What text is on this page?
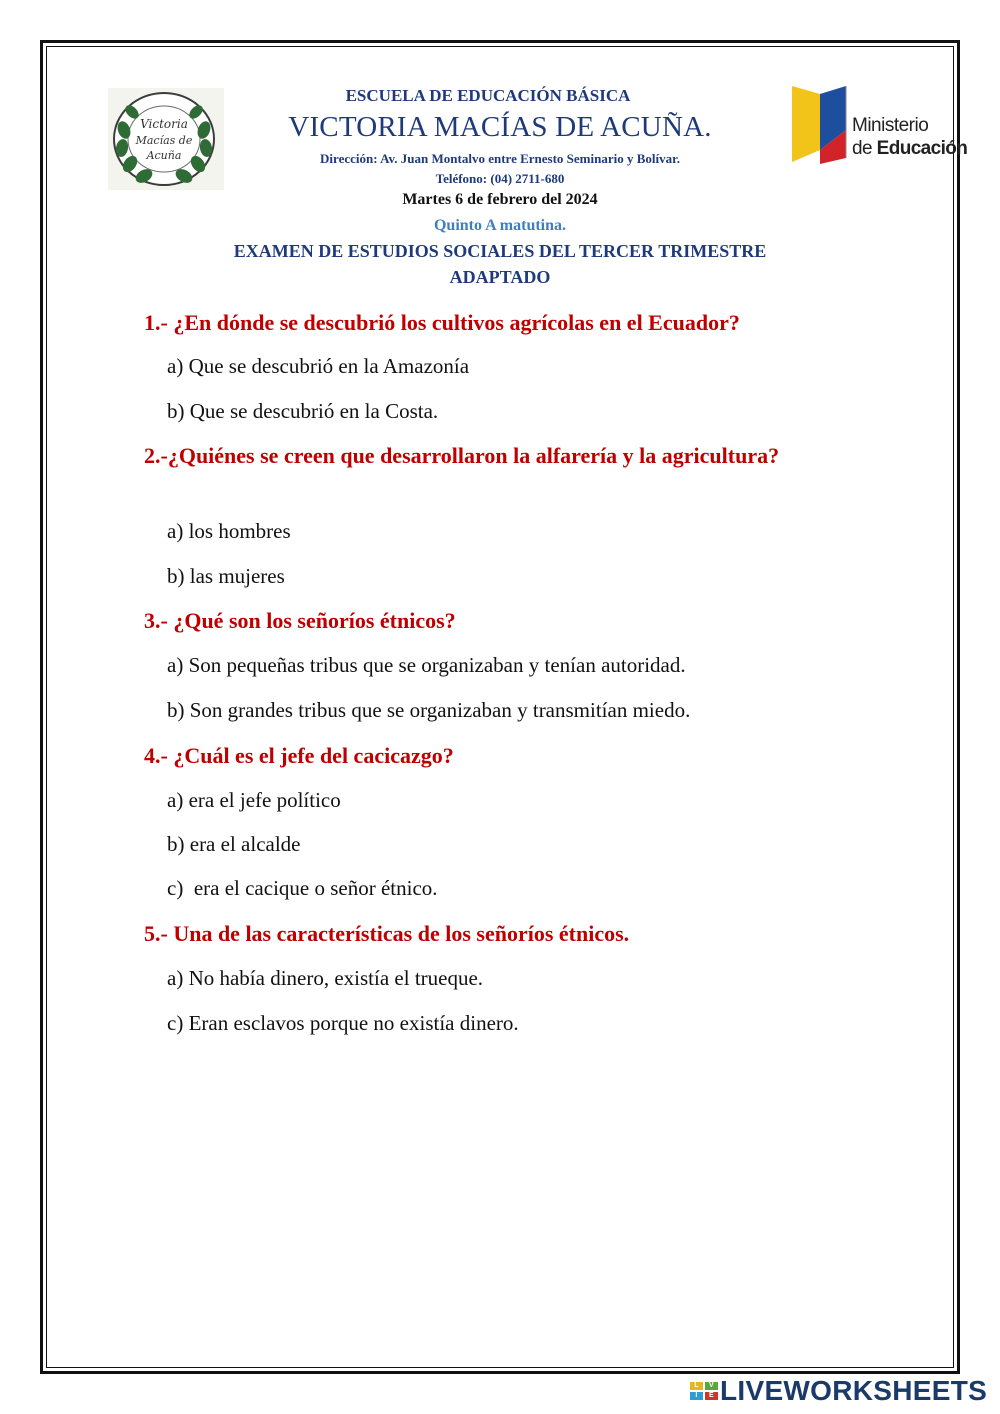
Victoria
Macías de
Acuña
Ministerio
de Educación
ESCUELA DE EDUCACIÓN BÁSICA
VICTORIA MACÍAS DE ACUÑA.
Dirección: Av. Juan Montalvo entre Ernesto Seminario y Bolívar.
Teléfono: (04) 2711-680
Martes 6 de febrero del 2024
Quinto A matutina.
EXAMEN DE ESTUDIOS SOCIALES DEL TERCER TRIMESTRE
ADAPTADO
1.- ¿En dónde se descubrió los cultivos agrícolas en el Ecuador?
a) Que se descubrió en la Amazonía
b) Que se descubrió en la Costa.
2.-¿Quiénes se creen que desarrollaron la alfarería y la agricultura?
a) los hombres
b) las mujeres
3.- ¿Qué son los señoríos étnicos?
a) Son pequeñas tribus que se organizaban y tenían autoridad.
b) Son grandes tribus que se organizaban y transmitían miedo.
4.- ¿Cuál es el jefe del cacicazgo?
a) era el jefe político
b) era el alcalde
c)  era el cacique o señor étnico.
5.- Una de las características de los señoríos étnicos.
a) No había dinero, existía el trueque.
c) Eran esclavos porque no existía dinero.
L
I
V
E LIVEWORKSHEETS
